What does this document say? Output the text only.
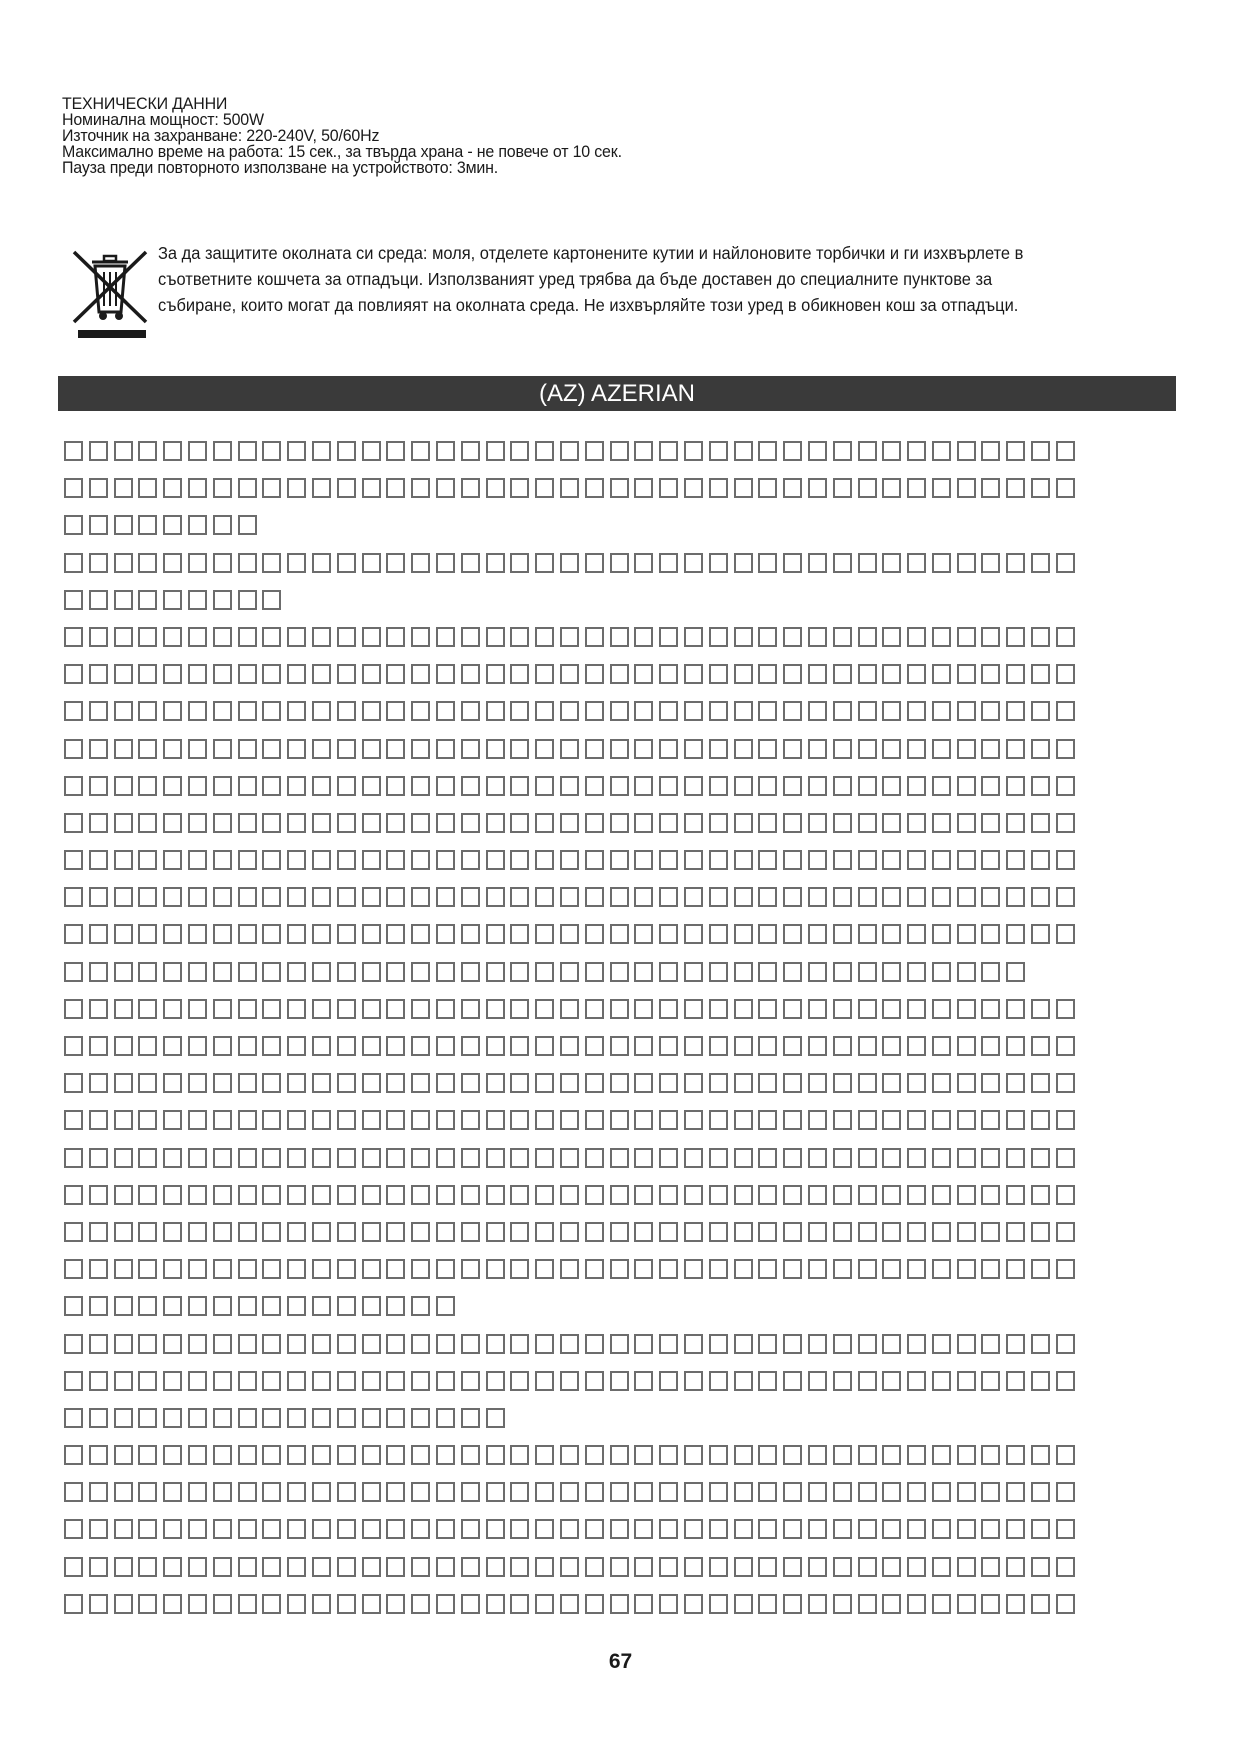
ТЕХНИЧЕСКИ ДАННИ
Номинална мощност: 500W
Източник на захранване: 220-240V, 50/60Hz
Максимално време на работа: 15 сек., за твърда храна - не повече от 10 сек.
Пауза преди повторното използване на устройството: 3мин.
За да защитите околната си среда: моля, отделете картонените кутии и найлоновите торбички и ги изхвърлете в
съответните кошчета за отпадъци. Използваният уред трябва да бъде доставен до специалните пунктове за
събиране, които могат да повлияят на околната среда. Не изхвърляйте този уред в обикновен кош за отпадъци.
(AZ) AZERIAN
67
